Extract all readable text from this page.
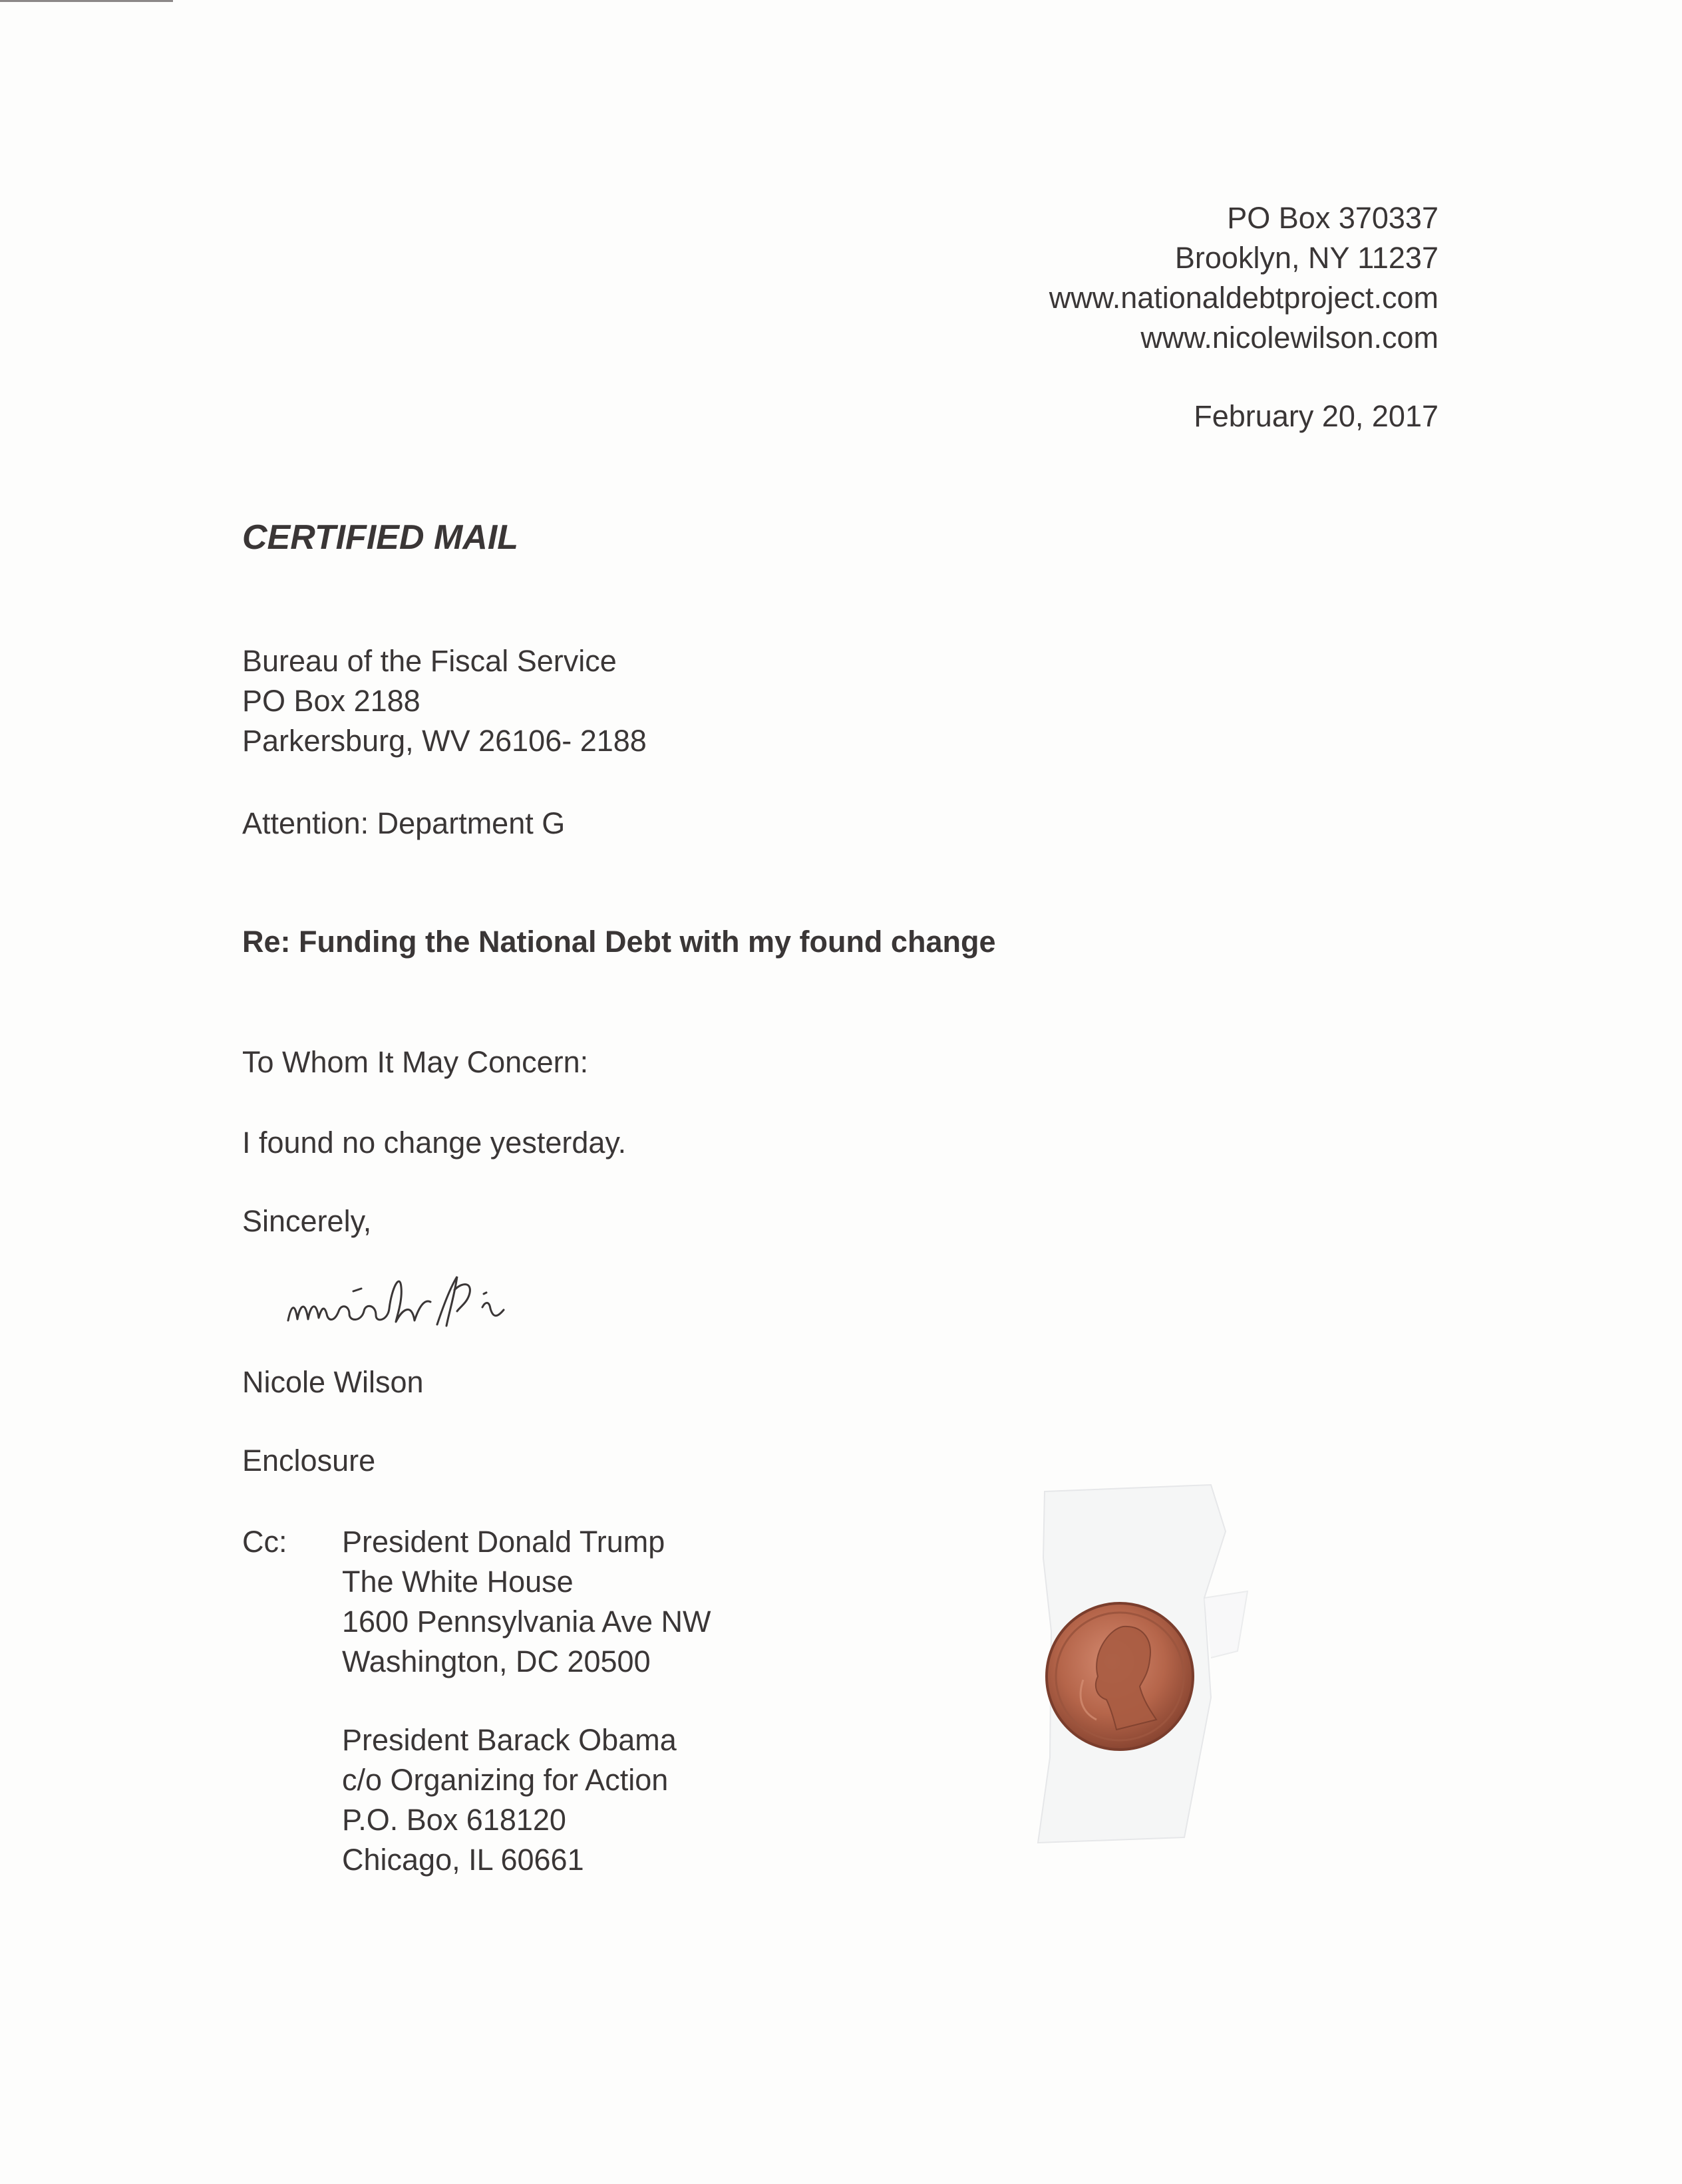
PO Box 370337
Brooklyn, NY 11237
www.nationaldebtproject.com
www.nicolewilson.com
February 20, 2017
CERTIFIED MAIL
Bureau of the Fiscal Service
PO Box 2188
Parkersburg, WV 26106- 2188
Attention: Department G
Re: Funding the National Debt with my found change
To Whom It May Concern:
I found no change yesterday.
Sincerely,
Nicole Wilson
Enclosure
Cc: President Donald Trump
The White House
1600 Pennsylvania Ave NW
Washington, DC 20500
President Barack Obama
c/o Organizing for Action
P.O. Box 618120
Chicago, IL 60661
